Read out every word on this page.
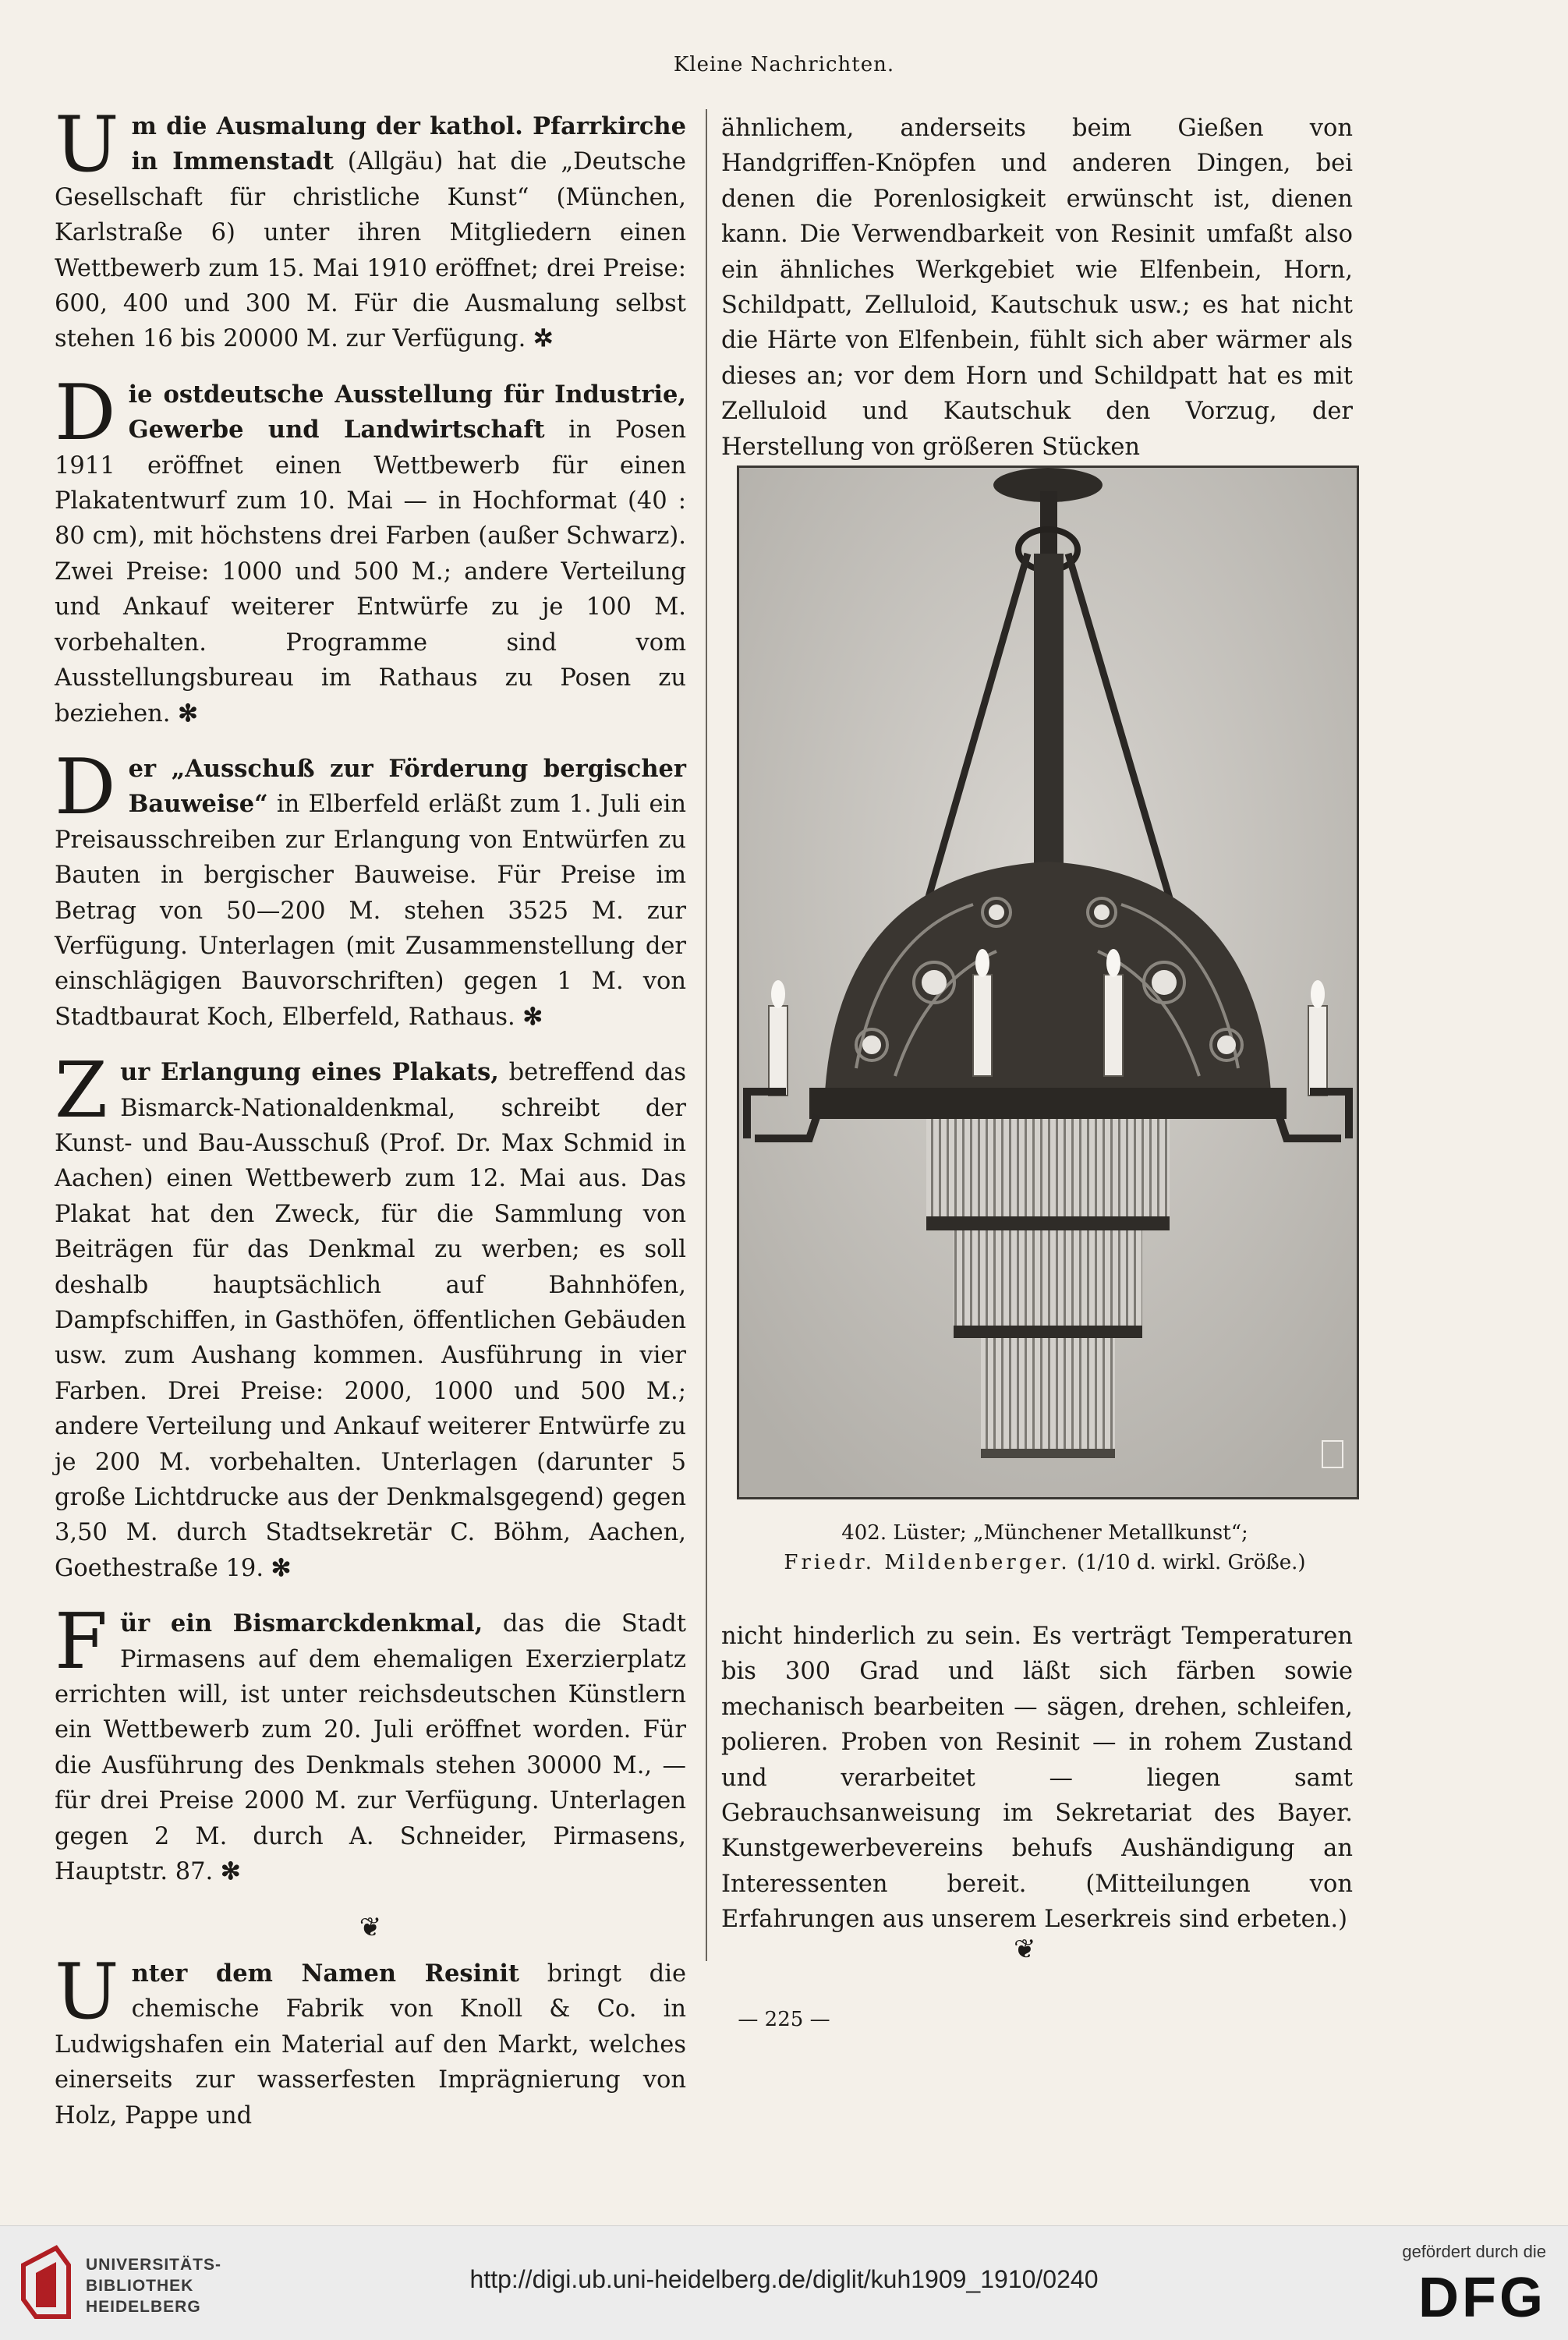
Kleine Nachrichten.

Um die Ausmalung der kathol. Pfarrkirche in Immenstadt (Allgäu) hat die „Deutsche Gesellschaft für christliche Kunst“ (München, Karlstraße 6) unter ihren Mitgliedern einen Wettbewerb zum 15. Mai 1910 eröffnet; drei Preise: 600, 400 und 300 M. Für die Ausmalung selbst stehen 16 bis 20000 M. zur Verfügung. ✲

Die ostdeutsche Ausstellung für Industrie, Gewerbe und Landwirtschaft in Posen 1911 eröffnet einen Wettbewerb für einen Plakatentwurf zum 10. Mai — in Hochformat (40 : 80 cm), mit höchstens drei Farben (außer Schwarz). Zwei Preise: 1000 und 500 M.; andere Verteilung und Ankauf weiterer Entwürfe zu je 100 M. vorbehalten. Programme sind vom Ausstellungsbureau im Rathaus zu Posen zu beziehen. ✻

Der „Ausschuß zur Förderung bergischer Bauweise“ in Elberfeld erläßt zum 1. Juli ein Preisausschreiben zur Erlangung von Entwürfen zu Bauten in bergischer Bauweise. Für Preise im Betrag von 50—200 M. stehen 3525 M. zur Verfügung. Unterlagen (mit Zusammenstellung der einschlägigen Bauvorschriften) gegen 1 M. von Stadtbaurat Koch, Elberfeld, Rathaus. ✻

Zur Erlangung eines Plakats, betreffend das Bismarck-Nationaldenkmal, schreibt der Kunst- und Bau-Ausschuß (Prof. Dr. Max Schmid in Aachen) einen Wettbewerb zum 12. Mai aus. Das Plakat hat den Zweck, für die Sammlung von Beiträgen für das Denkmal zu werben; es soll deshalb hauptsächlich auf Bahnhöfen, Dampfschiffen, in Gasthöfen, öffentlichen Gebäuden usw. zum Aushang kommen. Ausführung in vier Farben. Drei Preise: 2000, 1000 und 500 M.; andere Verteilung und Ankauf weiterer Entwürfe zu je 200 M. vorbehalten. Unterlagen (darunter 5 große Lichtdrucke aus der Denkmalsgegend) gegen 3,50 M. durch Stadtsekretär C. Böhm, Aachen, Goethestraße 19. ✻

Für ein Bismarckdenkmal, das die Stadt Pirmasens auf dem ehemaligen Exerzierplatz errichten will, ist unter reichsdeutschen Künstlern ein Wettbewerb zum 20. Juli eröffnet worden. Für die Ausführung des Denkmals stehen 30000 M., — für drei Preise 2000 M. zur Verfügung. Unterlagen gegen 2 M. durch A. Schneider, Pirmasens, Hauptstr. 87. ✻

❦

Unter dem Namen Resinit bringt die chemische Fabrik von Knoll & Co. in Ludwigshafen ein Material auf den Markt, welches einerseits zur wasserfesten Imprägnierung von Holz, Pappe und

ähnlichem, anderseits beim Gießen von Handgriffen-Knöpfen und anderen Dingen, bei denen die Porenlosigkeit erwünscht ist, dienen kann. Die Verwendbarkeit von Resinit umfaßt also ein ähnliches Werkgebiet wie Elfenbein, Horn, Schildpatt, Zelluloid, Kautschuk usw.; es hat nicht die Härte von Elfenbein, fühlt sich aber wärmer als dieses an; vor dem Horn und Schildpatt hat es mit Zelluloid und Kautschuk den Vorzug, der Herstellung von größeren Stücken

402. Lüster; „Münchener Metallkunst“;

Friedr. Mildenberger. (1/10 d. wirkl. Größe.)

nicht hinderlich zu sein. Es verträgt Temperaturen bis 300 Grad und läßt sich färben sowie mechanisch bearbeiten — sägen, drehen, schleifen, polieren. Proben von Resinit — in rohem Zustand und verarbeitet — liegen samt Gebrauchsanweisung im Sekretariat des Bayer. Kunstgewerbevereins behufs Aushändigung an Interessenten bereit. (Mitteilungen von Erfahrungen aus unserem Leserkreis sind erbeten.)

❦
— 225 —
UNIVERSITÄTS-
BIBLIOTHEK
HEIDELBERG
http://digi.ub.uni-heidelberg.de/diglit/kuh1909_1910/0240
gefördert durch die
DFG
